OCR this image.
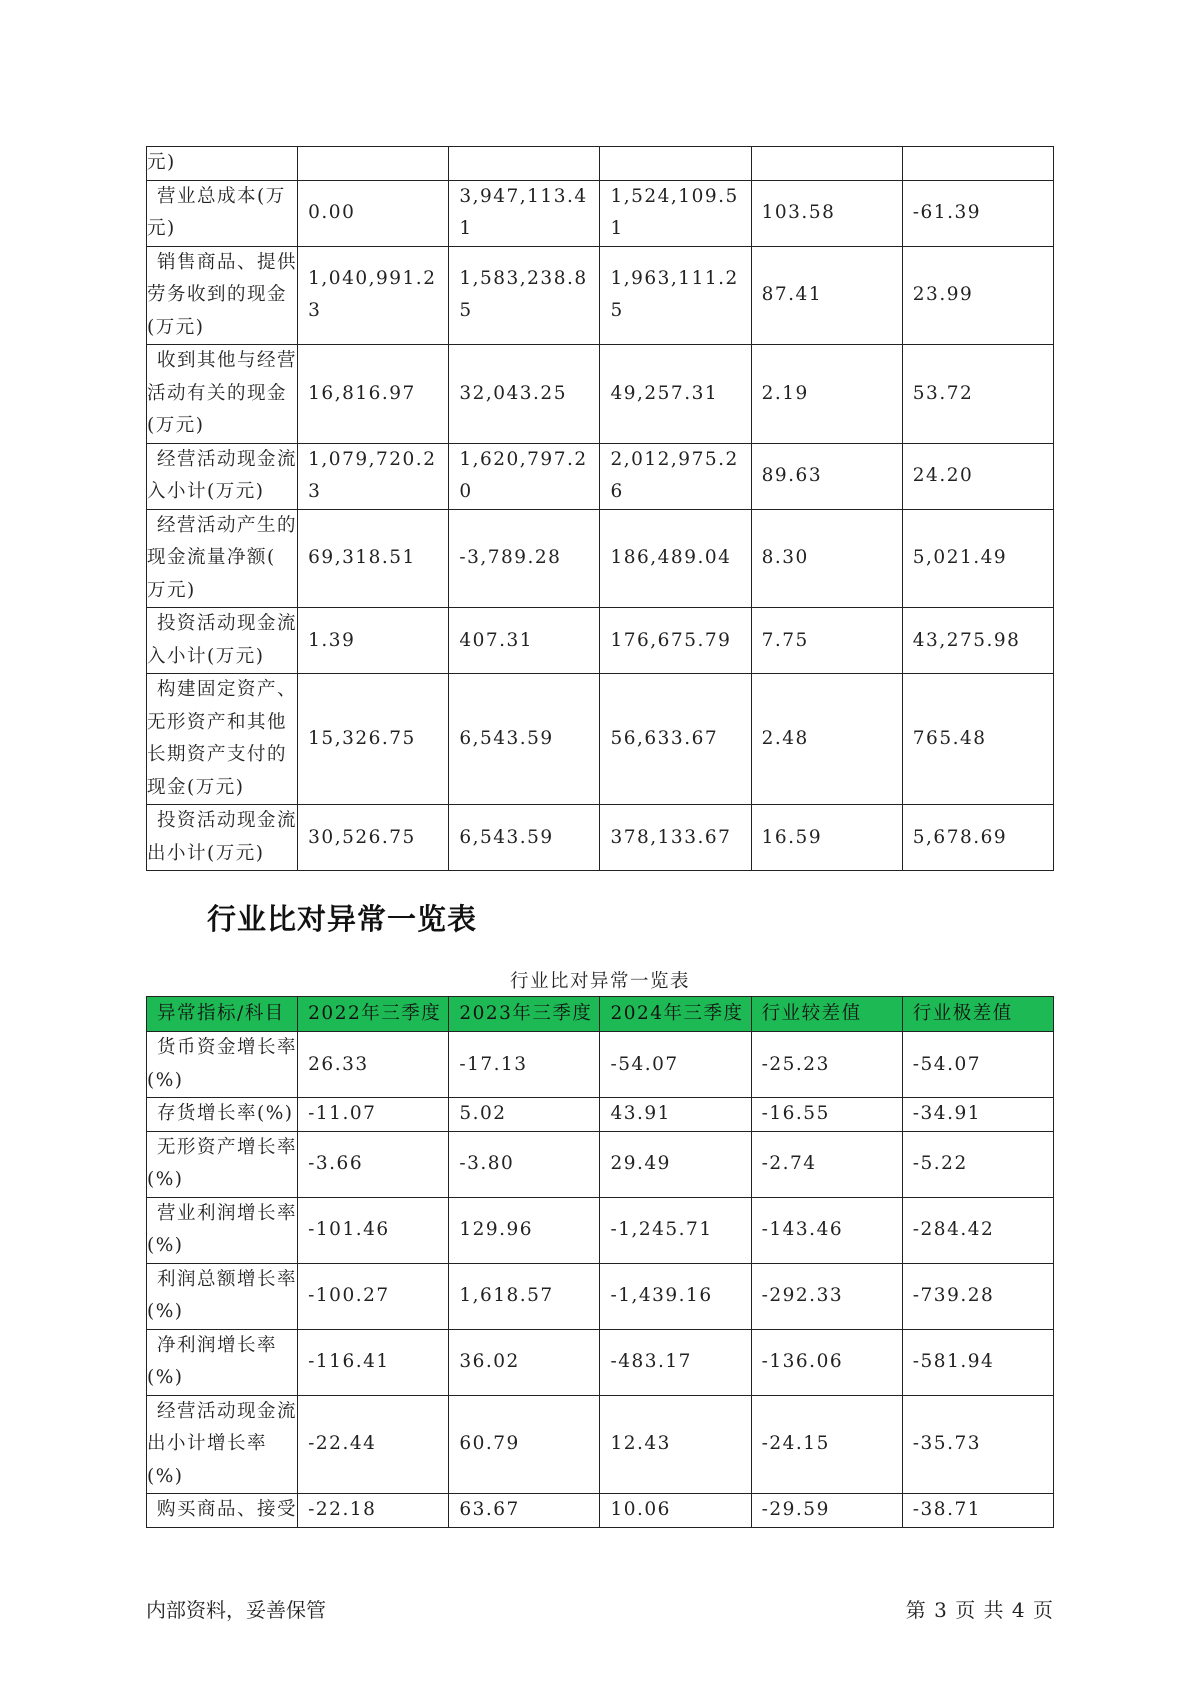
元)					

营业总成本(万
元)	0.00	3,947,113.41	1,524,109.51	103.58	-61.39

销售商品、提供
劳务收到的现金
(万元)	1,040,991.23	1,583,238.85	1,963,111.25	87.41	23.99

收到其他与经营
活动有关的现金
(万元)	16,816.97	32,043.25	49,257.31	2.19	53.72

经营活动现金流
入小计(万元)	1,079,720.23	1,620,797.20	2,012,975.26	89.63	24.20

经营活动产生的
现金流量净额(
万元)	69,318.51	-3,789.28	186,489.04	8.30	5,021.49

投资活动现金流
入小计(万元)	1.39	407.31	176,675.79	7.75	43,275.98

构建固定资产、
无形资产和其他
长期资产支付的
现金(万元)	15,326.75	6,543.59	56,633.67	2.48	765.48

投资活动现金流
出小计(万元)	30,526.75	6,543.59	378,133.67	16.59	5,678.69
行业比对异常一览表
行业比对异常一览表
异常指标/科目	2022年三季度	2023年三季度	2024年三季度	行业较差值	行业极差值

货币资金增长率
(%)	26.33	-17.13	-54.07	-25.23	-54.07

存货增长率(%)	-11.07	5.02	43.91	-16.55	-34.91

无形资产增长率
(%)	-3.66	-3.80	29.49	-2.74	-5.22

营业利润增长率
(%)	-101.46	129.96	-1,245.71	-143.46	-284.42

利润总额增长率
(%)	-100.27	1,618.57	-1,439.16	-292.33	-739.28

净利润增长率
(%)	-116.41	36.02	-483.17	-136.06	-581.94

经营活动现金流
出小计增长率
(%)	-22.44	60.79	12.43	-24.15	-35.73

购买商品、接受	-22.18	63.67	10.06	-29.59	-38.71
内部资料，妥善保管	第 3 页 共 4 页
